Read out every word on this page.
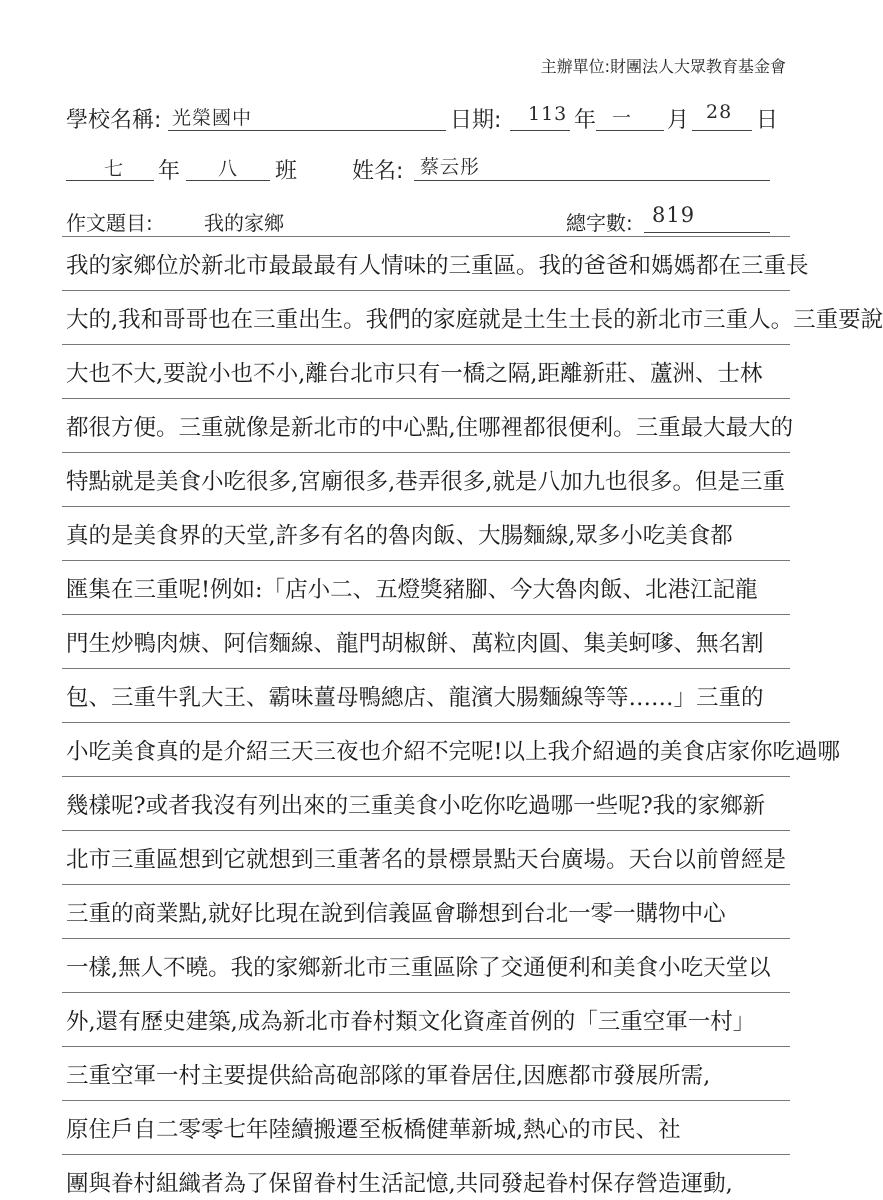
主辦單位:財團法人大眾教育基金會
學校名稱: 光榮國中	日期: 113 年 一 月 28 日
七 年 八 班 姓名: 蔡云彤
作文題目:	我的家鄉	總字數: 819
我的家鄉位於新北市最最最有人情味的三重區。我的爸爸和媽媽都在三重長
大的,我和哥哥也在三重出生。我們的家庭就是土生土長的新北市三重人。三重要說
大也不大,要說小也不小,離台北市只有一橋之隔,距離新莊、蘆洲、士林
都很方便。三重就像是新北市的中心點,住哪裡都很便利。三重最大最大的
特點就是美食小吃很多,宮廟很多,巷弄很多,就是八加九也很多。但是三重
真的是美食界的天堂,許多有名的魯肉飯、大腸麵線,眾多小吃美食都
匯集在三重呢!例如:「店小二、五燈獎豬腳、今大魯肉飯、北港江記龍
門生炒鴨肉焿、阿信麵線、龍門胡椒餅、萬粒肉圓、集美蚵嗲、無名割
包、三重牛乳大王、霸味薑母鴨總店、龍濱大腸麵線等等……」三重的
小吃美食真的是介紹三天三夜也介紹不完呢!以上我介紹過的美食店家你吃過哪
幾樣呢?或者我沒有列出來的三重美食小吃你吃過哪一些呢?我的家鄉新
北市三重區想到它就想到三重著名的景標景點天台廣場。天台以前曾經是
三重的商業點,就好比現在說到信義區會聯想到台北一零一購物中心
一樣,無人不曉。我的家鄉新北市三重區除了交通便利和美食小吃天堂以
外,還有歷史建築,成為新北市眷村類文化資產首例的「三重空軍一村」
三重空軍一村主要提供給高砲部隊的軍眷居住,因應都市發展所需,
原住戶自二零零七年陸續搬遷至板橋健華新城,熱心的市民、社
團與眷村組織者為了保留眷村生活記憶,共同發起眷村保存營造運動,
